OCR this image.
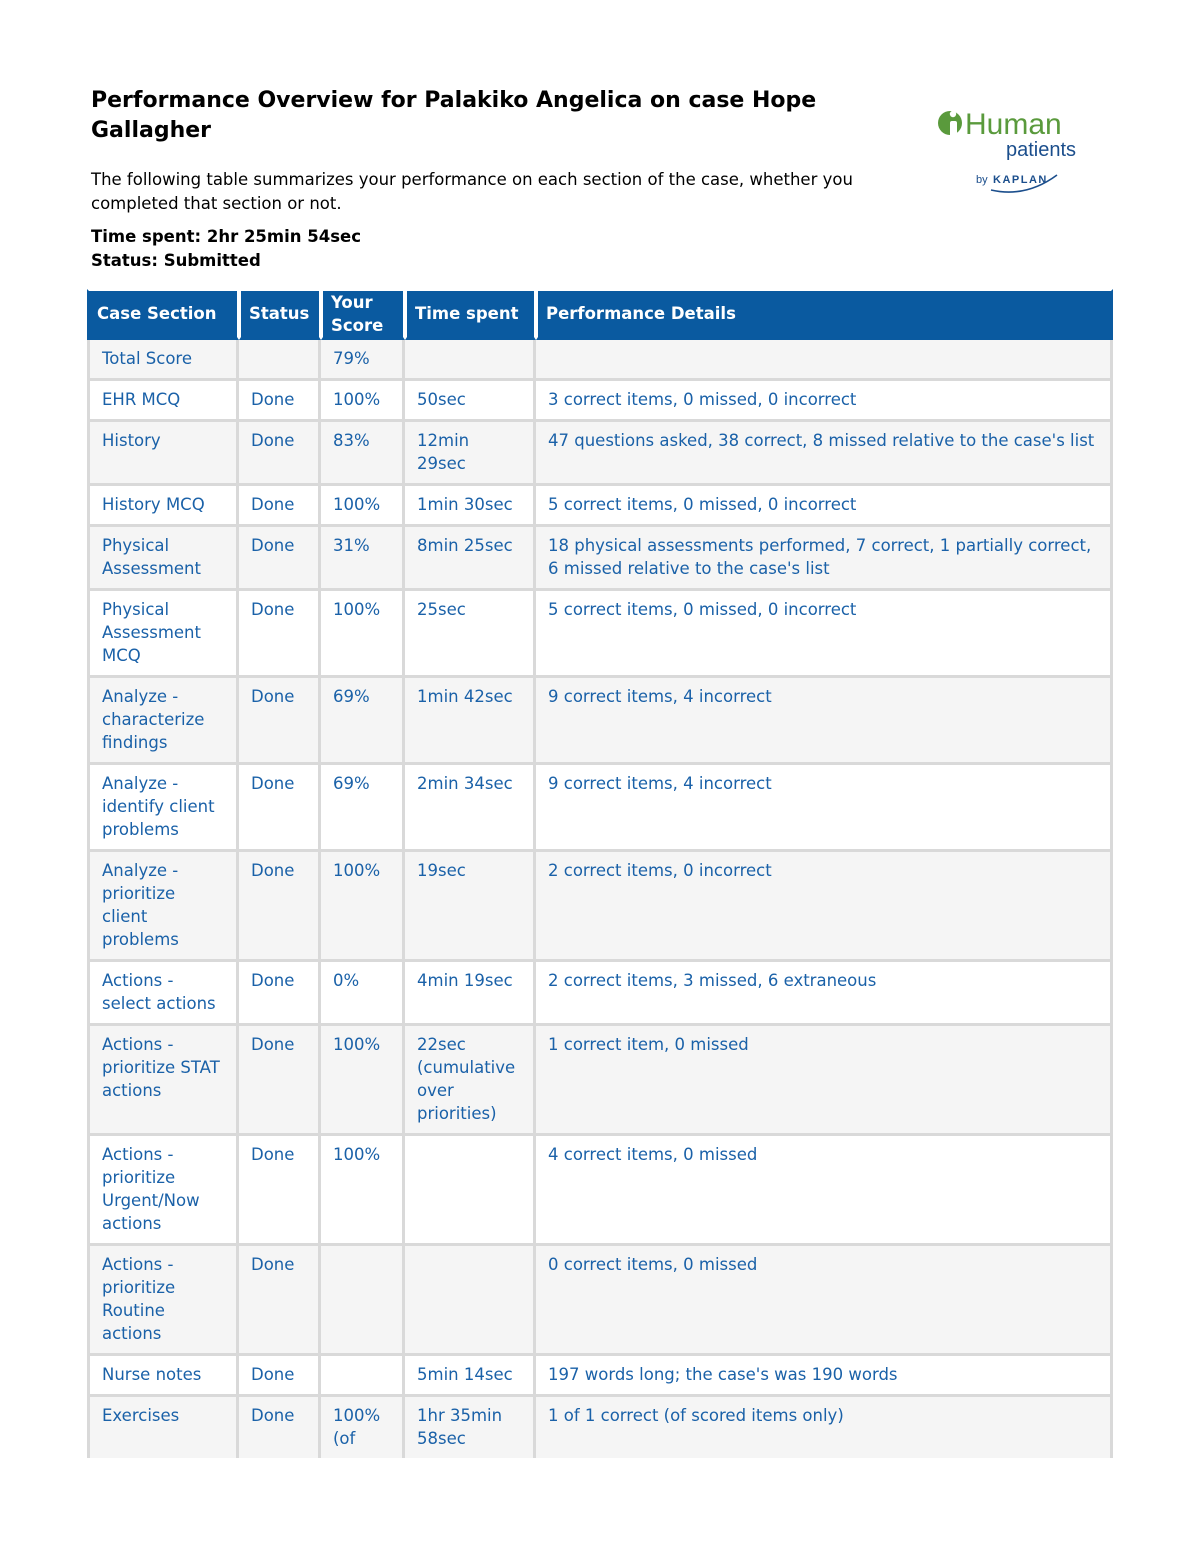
Performance Overview for Palakiko Angelica on case Hope Gallagher	Human
patients
by KAPLAN

The following table summarizes your performance on each section of the case, whether you completed that section or not.

Time spent: 2hr 25min 54sec
Status: Submitted
Case Section	Status	Your Score	Time spent	Performance Details
Total Score		79%		
EHR MCQ	Done	100%	50sec	3 correct items, 0 missed, 0 incorrect
History	Done	83%	12min 29sec	47 questions asked, 38 correct, 8 missed relative to the case's list
History MCQ	Done	100%	1min 30sec	5 correct items, 0 missed, 0 incorrect
Physical Assessment	Done	31%	8min 25sec	18 physical assessments performed, 7 correct, 1 partially correct, 6 missed relative to the case's list
Physical Assessment MCQ	Done	100%	25sec	5 correct items, 0 missed, 0 incorrect
Analyze - characterize findings	Done	69%	1min 42sec	9 correct items, 4 incorrect
Analyze - identify client problems	Done	69%	2min 34sec	9 correct items, 4 incorrect
Analyze - prioritize client problems	Done	100%	19sec	2 correct items, 0 incorrect
Actions - select actions	Done	0%	4min 19sec	2 correct items, 3 missed, 6 extraneous
Actions - prioritize STAT actions	Done	100%	22sec (cumulative over priorities)	1 correct item, 0 missed
Actions - prioritize Urgent/Now actions	Done	100%		4 correct items, 0 missed
Actions - prioritize Routine actions	Done			0 correct items, 0 missed
Nurse notes	Done		5min 14sec	197 words long; the case's was 190 words
Exercises	Done	100% (of	1hr 35min 58sec	1 of 1 correct (of scored items only)
